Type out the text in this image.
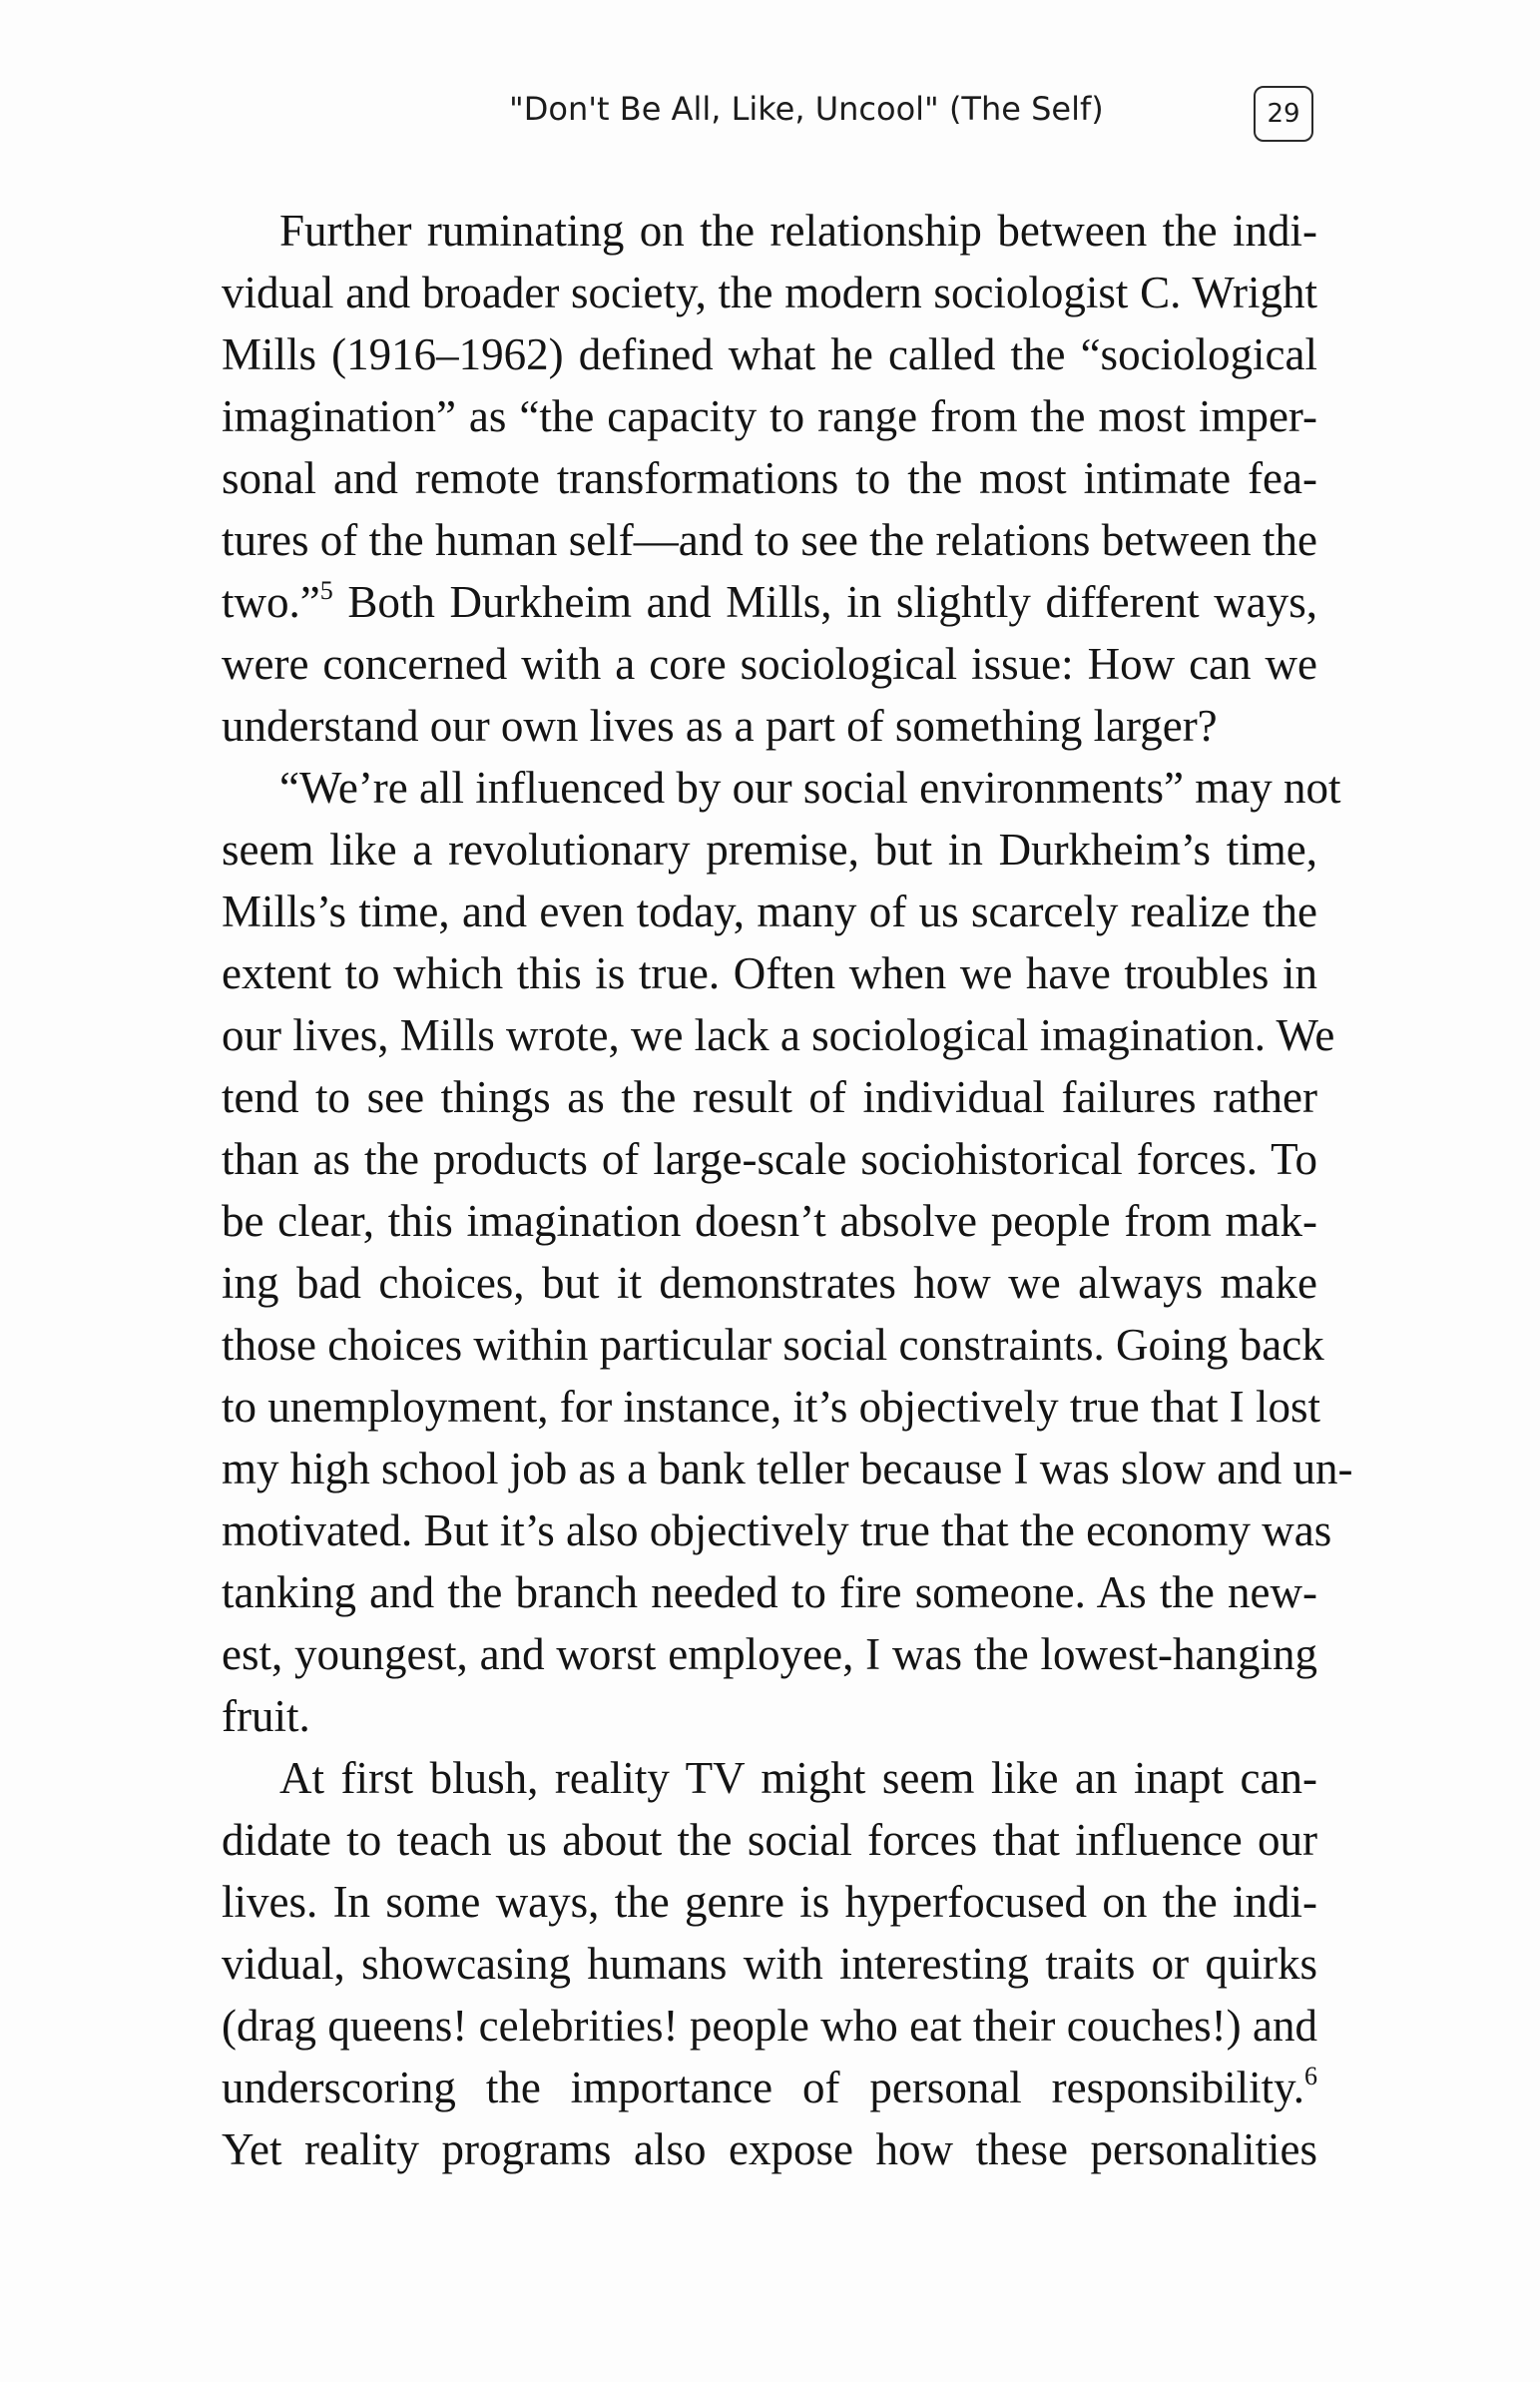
"Don't Be All, Like, Uncool" (The Self)	29
Further ruminating on the relationship between the indi-
vidual and broader society, the modern sociologist C. Wright
Mills (1916–1962) defined what he called the “sociological
imagination” as “the capacity to range from the most imper-
sonal and remote transformations to the most intimate fea-
tures of the human self—and to see the relations between the
two.”$^5$ Both Durkheim and Mills, in slightly different ways,
were concerned with a core sociological issue: How can we
understand our own lives as a part of something larger?
“We’re all influenced by our social environments” may not
seem like a revolutionary premise, but in Durkheim’s time,
Mills’s time, and even today, many of us scarcely realize the
extent to which this is true. Often when we have troubles in
our lives, Mills wrote, we lack a sociological imagination. We
tend to see things as the result of individual failures rather
than as the products of large-scale sociohistorical forces. To
be clear, this imagination doesn’t absolve people from mak-
ing bad choices, but it demonstrates how we always make
those choices within particular social constraints. Going back
to unemployment, for instance, it’s objectively true that I lost
my high school job as a bank teller because I was slow and un-
motivated. But it’s also objectively true that the economy was
tanking and the branch needed to fire someone. As the new-
est, youngest, and worst employee, I was the lowest-hanging
fruit.
At first blush, reality TV might seem like an inapt can-
didate to teach us about the social forces that influence our
lives. In some ways, the genre is hyperfocused on the indi-
vidual, showcasing humans with interesting traits or quirks
(drag queens! celebrities! people who eat their couches!) and
underscoring the importance of personal responsibility.$^6$
Yet reality programs also expose how these personalities
